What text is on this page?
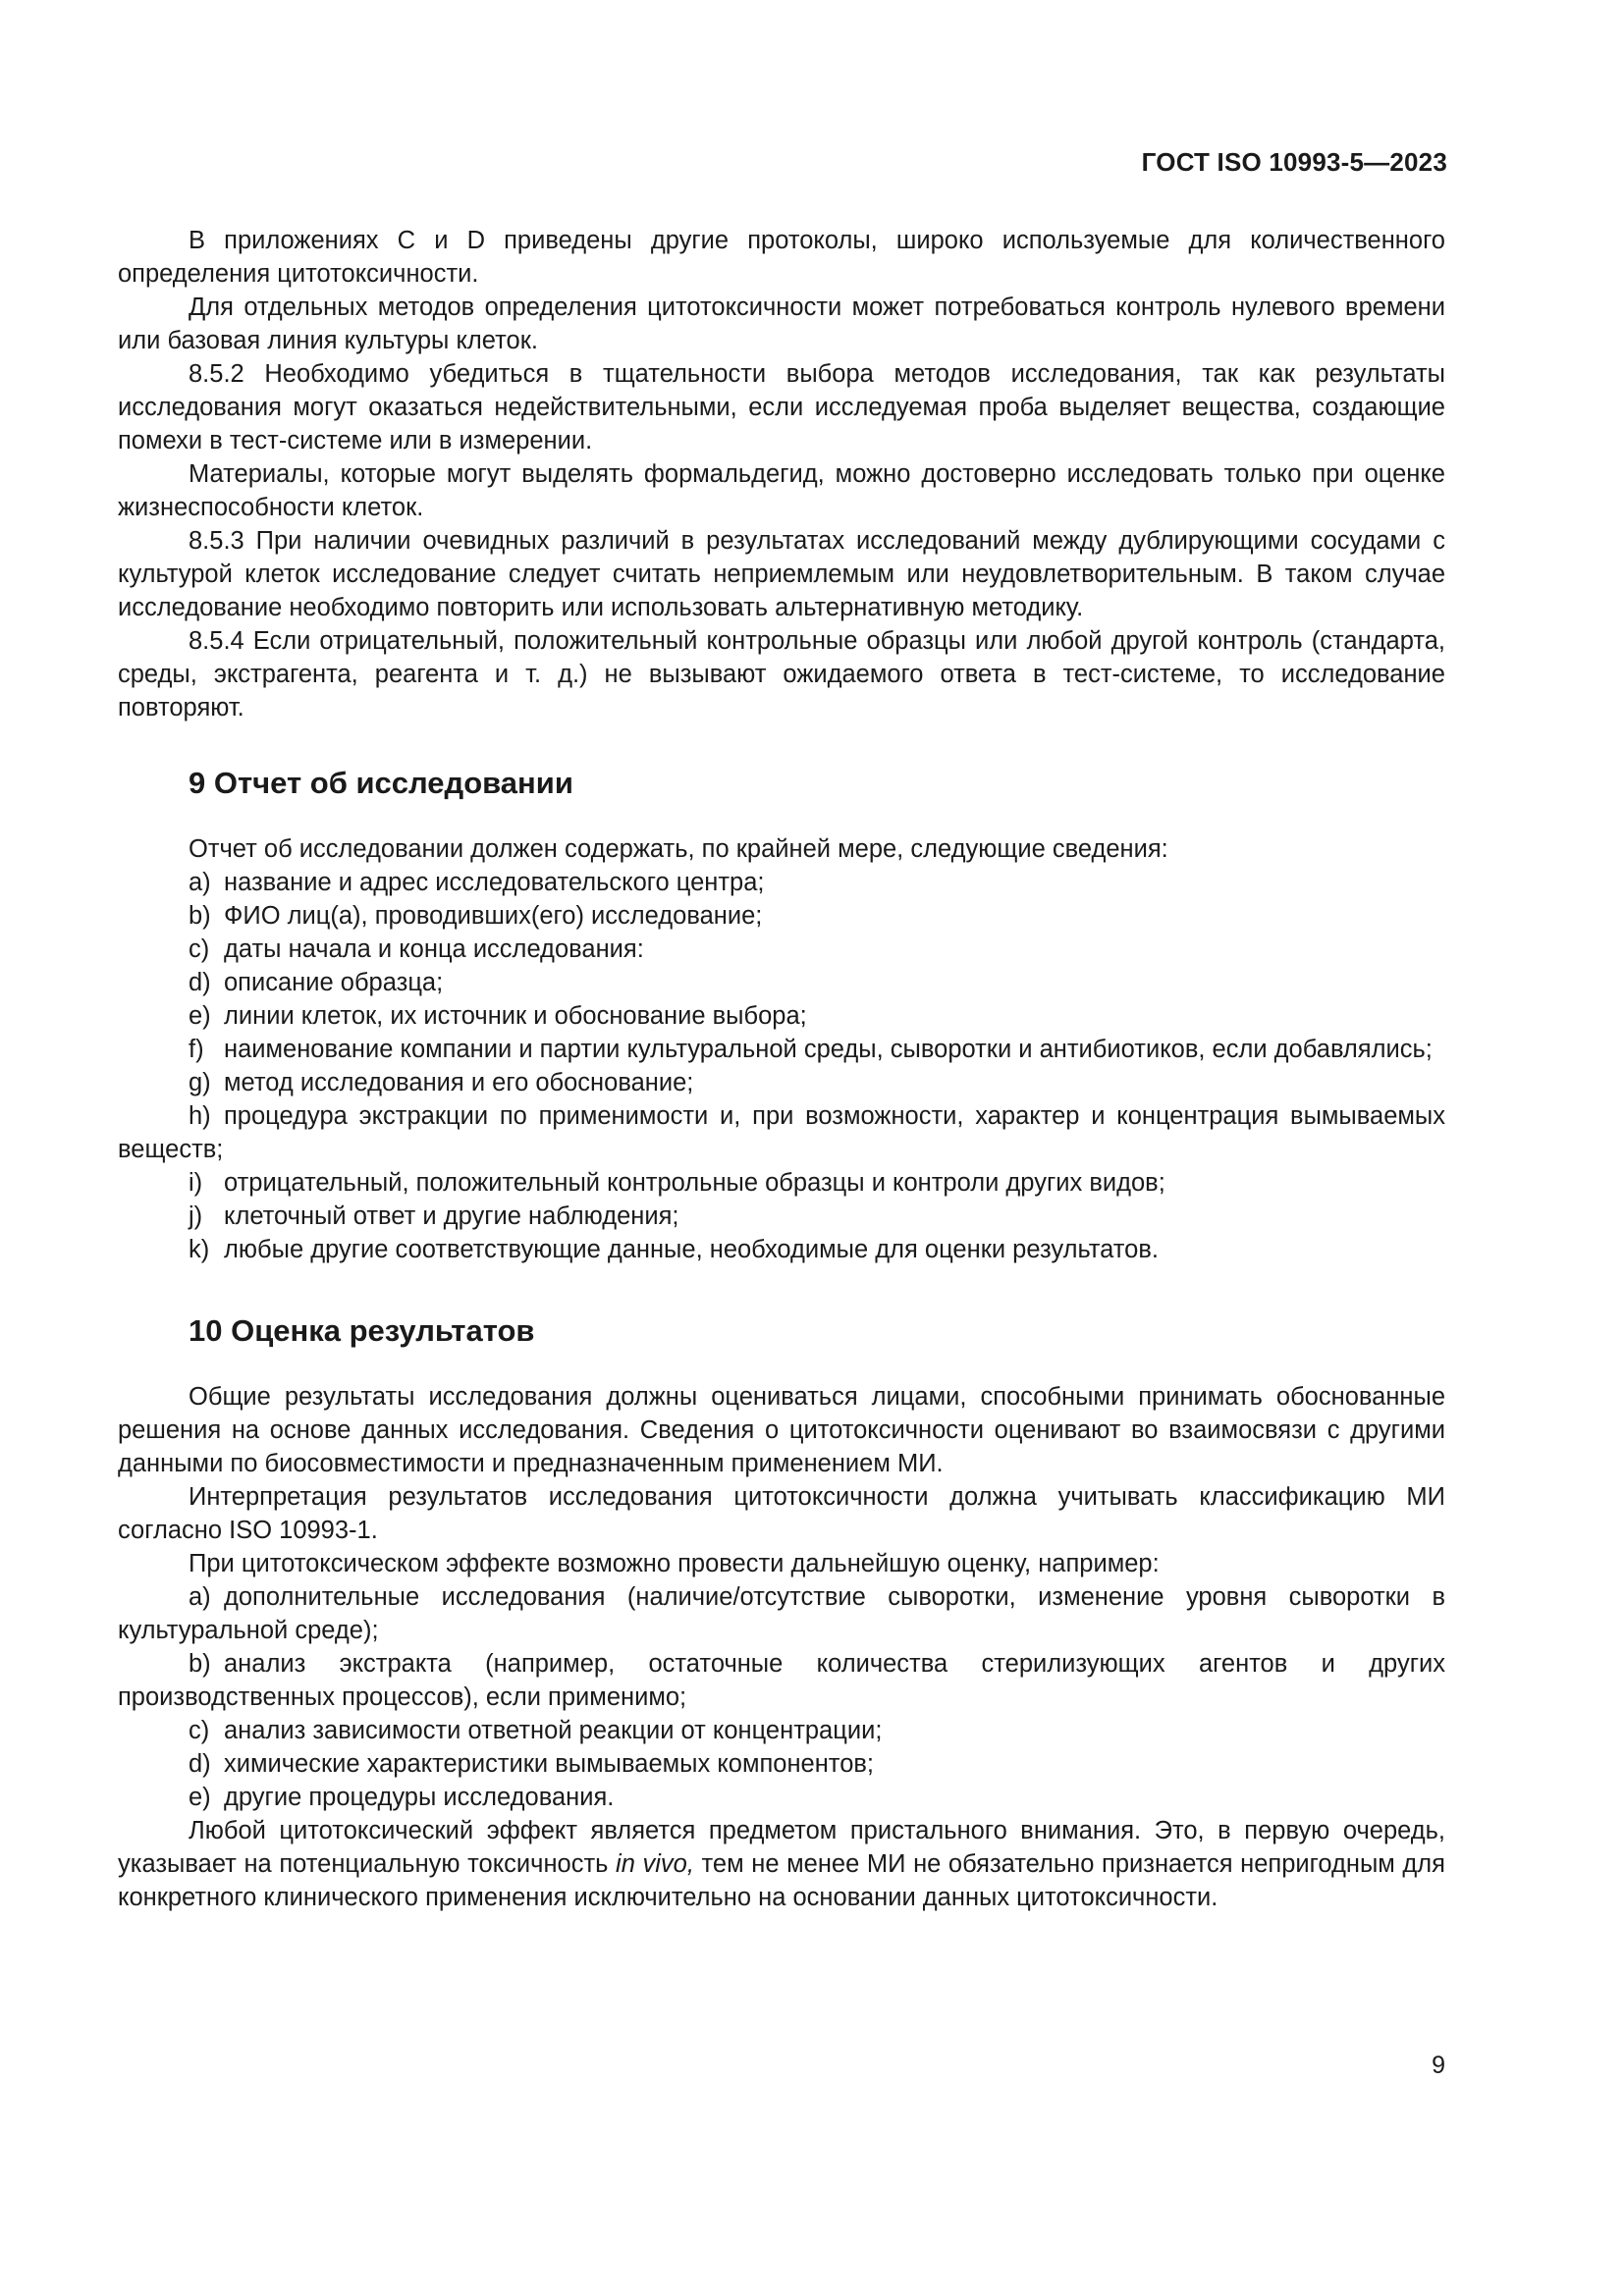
ГОСТ ISO 10993-5—2023

В приложениях C и D приведены другие протоколы, широко используемые для количественного определения цитотоксичности.

Для отдельных методов определения цитотоксичности может потребоваться контроль нулевого времени или базовая линия культуры клеток.

8.5.2 Необходимо убедиться в тщательности выбора методов исследования, так как результаты исследования могут оказаться недействительными, если исследуемая проба выделяет вещества, создающие помехи в тест-системе или в измерении.

Материалы, которые могут выделять формальдегид, можно достоверно исследовать только при оценке жизнеспособности клеток.

8.5.3 При наличии очевидных различий в результатах исследований между дублирующими сосудами с культурой клеток исследование следует считать неприемлемым или неудовлетворительным. В таком случае исследование необходимо повторить или использовать альтернативную методику.

8.5.4 Если отрицательный, положительный контрольные образцы или любой другой контроль (стандарта, среды, экстрагента, реагента и т. д.) не вызывают ожидаемого ответа в тест-системе, то исследование повторяют.

9 Отчет об исследовании

Отчет об исследовании должен содержать, по крайней мере, следующие сведения:

a) название и адрес исследовательского центра;

b) ФИО лиц(а), проводивших(его) исследование;

c) даты начала и конца исследования:

d) описание образца;

e) линии клеток, их источник и обоснование выбора;

f) наименование компании и партии культуральной среды, сыворотки и антибиотиков, если добавлялись;

g) метод исследования и его обоснование;

h) процедура экстракции по применимости и, при возможности, характер и концентрация вымываемых веществ;

i) отрицательный, положительный контрольные образцы и контроли других видов;

j) клеточный ответ и другие наблюдения;

k) любые другие соответствующие данные, необходимые для оценки результатов.

10 Оценка результатов

Общие результаты исследования должны оцениваться лицами, способными принимать обоснованные решения на основе данных исследования. Сведения о цитотоксичности оценивают во взаимосвязи с другими данными по биосовместимости и предназначенным применением МИ.

Интерпретация результатов исследования цитотоксичности должна учитывать классификацию МИ согласно ISO 10993-1.

При цитотоксическом эффекте возможно провести дальнейшую оценку, например:

a) дополнительные исследования (наличие/отсутствие сыворотки, изменение уровня сыворотки в культуральной среде);

b) анализ экстракта (например, остаточные количества стерилизующих агентов и других производственных процессов), если применимо;

c) анализ зависимости ответной реакции от концентрации;

d) химические характеристики вымываемых компонентов;

e) другие процедуры исследования.

Любой цитотоксический эффект является предметом пристального внимания. Это, в первую очередь, указывает на потенциальную токсичность in vivo, тем не менее МИ не обязательно признается непригодным для конкретного клинического применения исключительно на основании данных цитотоксичности.

9
